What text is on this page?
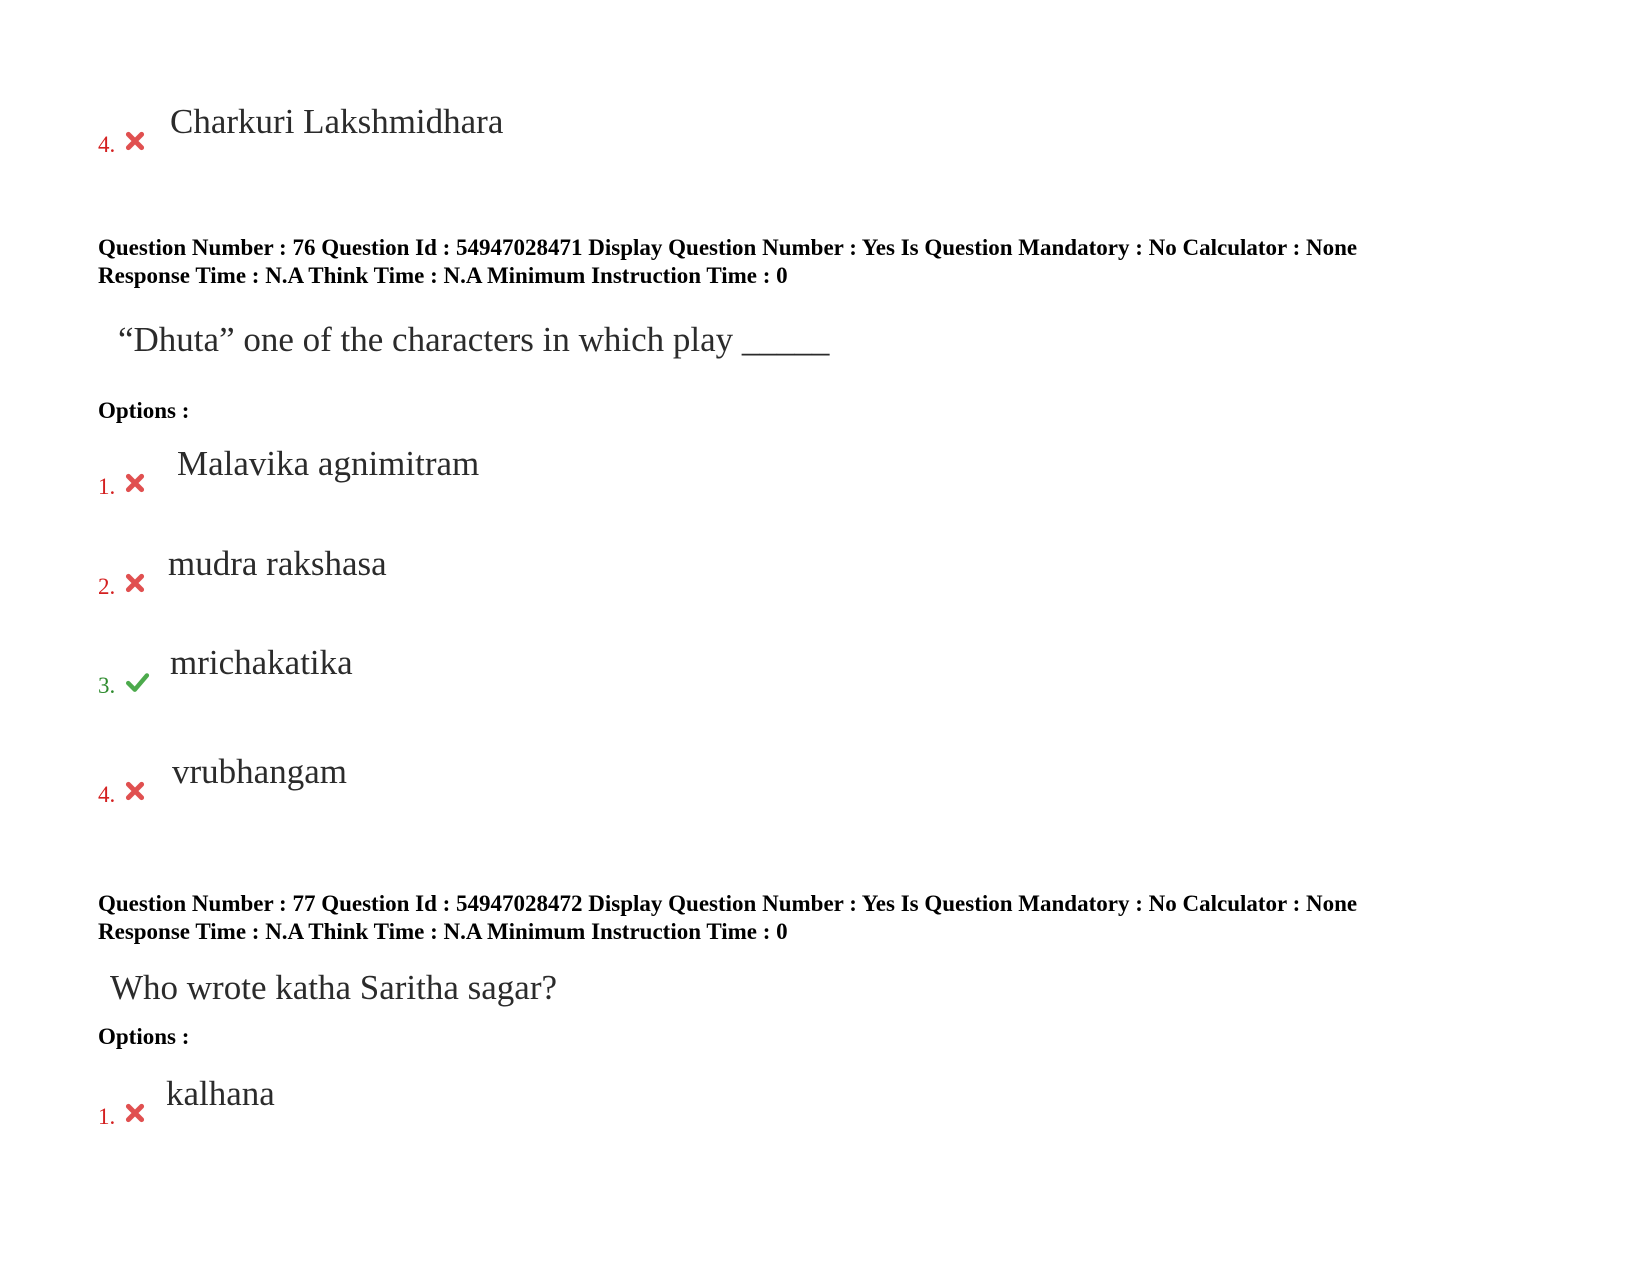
4.
Charkuri Lakshmidhara
Question Number : 76 Question Id : 54947028471 Display Question Number : Yes Is Question Mandatory : No Calculator : None
Response Time : N.A Think Time : N.A Minimum Instruction Time : 0
“Dhuta” one of the characters in which play _____
Options :
1.
Malavika agnimitram
2.
mudra rakshasa
3.
mrichakatika
4.
vrubhangam
Question Number : 77 Question Id : 54947028472 Display Question Number : Yes Is Question Mandatory : No Calculator : None
Response Time : N.A Think Time : N.A Minimum Instruction Time : 0
Who wrote katha Saritha sagar?
Options :
1.
kalhana
